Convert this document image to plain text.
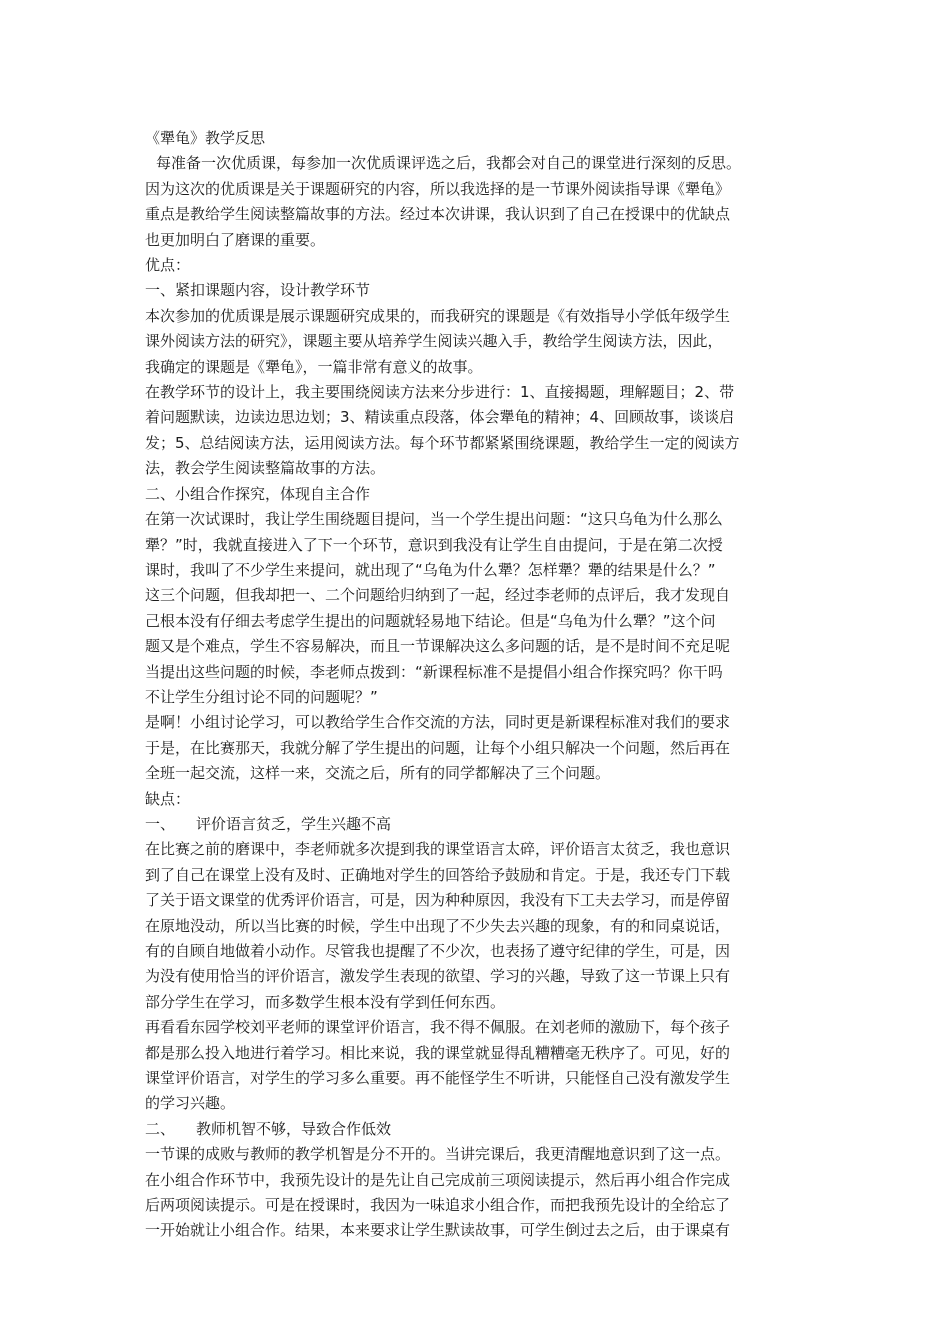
《犟龟》教学反思
每准备一次优质课，每参加一次优质课评选之后，我都会对自己的课堂进行深刻的反思。
因为这次的优质课是关于课题研究的内容，所以我选择的是一节课外阅读指导课《犟龟》
重点是教给学生阅读整篇故事的方法。经过本次讲课，我认识到了自己在授课中的优缺点
也更加明白了磨课的重要。
优点：
一、紧扣课题内容，设计教学环节
本次参加的优质课是展示课题研究成果的，而我研究的课题是《有效指导小学低年级学生
课外阅读方法的研究》，课题主要从培养学生阅读兴趣入手，教给学生阅读方法，因此，
我确定的课题是《犟龟》，一篇非常有意义的故事。
在教学环节的设计上，我主要围绕阅读方法来分步进行：1、直接揭题，理解题目；2、带
着问题默读，边读边思边划；3、精读重点段落，体会犟龟的精神；4、回顾故事，谈谈启
发；5、总结阅读方法，运用阅读方法。每个环节都紧紧围绕课题，教给学生一定的阅读方
法，教会学生阅读整篇故事的方法。
二、小组合作探究，体现自主合作
在第一次试课时，我让学生围绕题目提问，当一个学生提出问题：“这只乌龟为什么那么
犟？”时，我就直接进入了下一个环节，意识到我没有让学生自由提问，于是在第二次授
课时，我叫了不少学生来提问，就出现了“乌龟为什么犟？怎样犟？犟的结果是什么？”
这三个问题，但我却把一、二个问题给归纳到了一起，经过李老师的点评后，我才发现自
己根本没有仔细去考虑学生提出的问题就轻易地下结论。但是“乌龟为什么犟？”这个问
题又是个难点，学生不容易解决，而且一节课解决这么多问题的话，是不是时间不充足呢
当提出这些问题的时候，李老师点拨到：“新课程标准不是提倡小组合作探究吗？你干吗
不让学生分组讨论不同的问题呢？”
是啊！小组讨论学习，可以教给学生合作交流的方法，同时更是新课程标准对我们的要求
于是，在比赛那天，我就分解了学生提出的问题，让每个小组只解决一个问题，然后再在
全班一起交流，这样一来，交流之后，所有的同学都解决了三个问题。
缺点：
一、 评价语言贫乏，学生兴趣不高
在比赛之前的磨课中，李老师就多次提到我的课堂语言太碎，评价语言太贫乏，我也意识
到了自己在课堂上没有及时、正确地对学生的回答给予鼓励和肯定。于是，我还专门下载
了关于语文课堂的优秀评价语言，可是，因为种种原因，我没有下工夫去学习，而是停留
在原地没动，所以当比赛的时候，学生中出现了不少失去兴趣的现象，有的和同桌说话，
有的自顾自地做着小动作。尽管我也提醒了不少次，也表扬了遵守纪律的学生，可是，因
为没有使用恰当的评价语言，激发学生表现的欲望、学习的兴趣，导致了这一节课上只有
部分学生在学习，而多数学生根本没有学到任何东西。
再看看东园学校刘平老师的课堂评价语言，我不得不佩服。在刘老师的激励下，每个孩子
都是那么投入地进行着学习。相比来说，我的课堂就显得乱糟糟毫无秩序了。可见，好的
课堂评价语言，对学生的学习多么重要。再不能怪学生不听讲，只能怪自己没有激发学生
的学习兴趣。
二、 教师机智不够，导致合作低效
一节课的成败与教师的教学机智是分不开的。当讲完课后，我更清醒地意识到了这一点。
在小组合作环节中，我预先设计的是先让自己完成前三项阅读提示，然后再小组合作完成
后两项阅读提示。可是在授课时，我因为一味追求小组合作，而把我预先设计的全给忘了
一开始就让小组合作。结果，本来要求让学生默读故事，可学生倒过去之后，由于课桌有
